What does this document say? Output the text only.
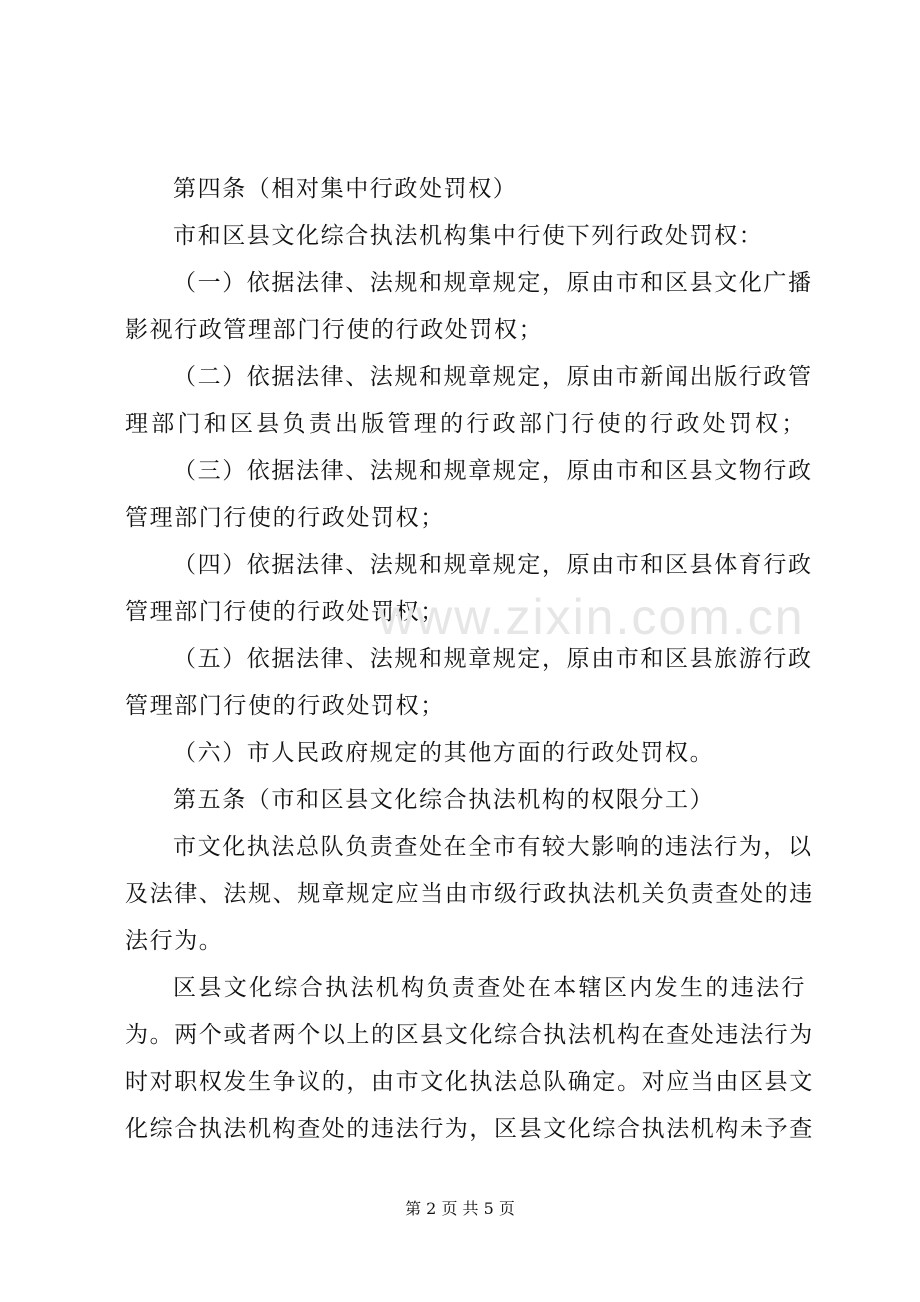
第四条（相对集中行政处罚权）
市和区县文化综合执法机构集中行使下列行政处罚权：
（一）依据法律、法规和规章规定，原由市和区县文化广播
影视行政管理部门行使的行政处罚权；
（二）依据法律、法规和规章规定，原由市新闻出版行政管
理部门和区县负责出版管理的行政部门行使的行政处罚权；
（三）依据法律、法规和规章规定，原由市和区县文物行政
管理部门行使的行政处罚权；
（四）依据法律、法规和规章规定，原由市和区县体育行政
管理部门行使的行政处罚权；
（五）依据法律、法规和规章规定，原由市和区县旅游行政
管理部门行使的行政处罚权；
（六）市人民政府规定的其他方面的行政处罚权。
第五条（市和区县文化综合执法机构的权限分工）
市文化执法总队负责查处在全市有较大影响的违法行为，以
及法律、法规、规章规定应当由市级行政执法机关负责查处的违
法行为。
区县文化综合执法机构负责查处在本辖区内发生的违法行
为。两个或者两个以上的区县文化综合执法机构在查处违法行为
时对职权发生争议的，由市文化执法总队确定。对应当由区县文
化综合执法机构查处的违法行为，区县文化综合执法机构未予查
www.zixin.com.cn
第 2 页 共 5 页
